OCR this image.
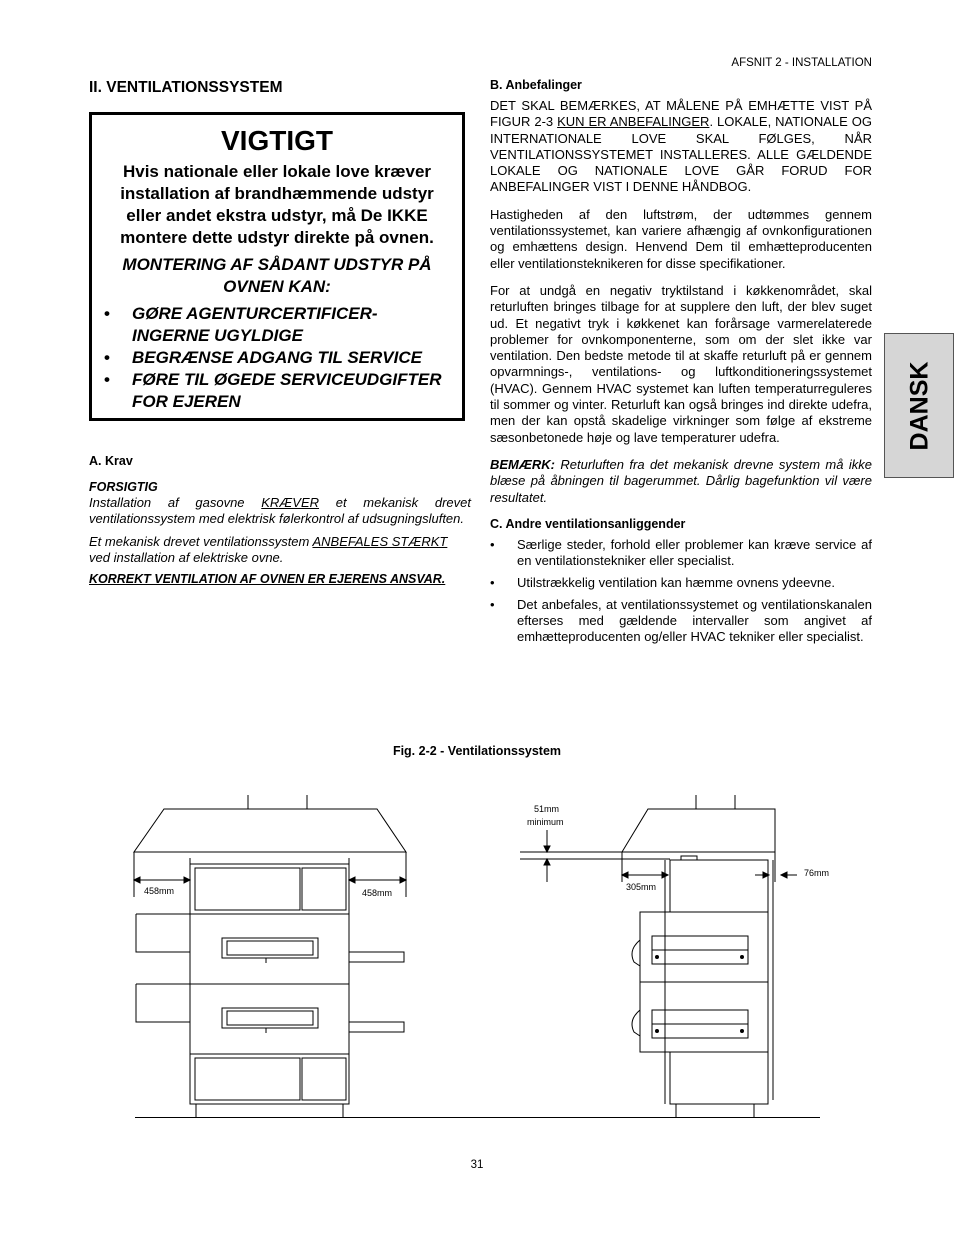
AFSNIT 2 - INSTALLATION
II. VENTILATIONSSYSTEM
VIGTIGT
Hvis nationale eller lokale love kræver installation af brandhæmmende udstyr eller andet ekstra udstyr, må De IKKE montere dette udstyr direkte på ovnen.
MONTERING AF SÅDANT UDSTYR PÅ OVNEN KAN:
• GØRE AGENTURCERTIFICER-INGERNE UGYLDIGE
• BEGRÆNSE ADGANG TIL SERVICE
• FØRE TIL ØGEDE SERVICEUDGIFTER FOR EJEREN
A. Krav
FORSIGTIG
Installation af gasovne KRÆVER et mekanisk drevet ventilationssystem med elektrisk følerkontrol af udsugningsluften.
Et mekanisk drevet ventilationssystem ANBEFALES STÆRKT ved installation af elektriske ovne.
KORREKT VENTILATION AF OVNEN ER EJERENS ANSVAR.
B. Anbefalinger
DET SKAL BEMÆRKES, AT MÅLENE PÅ EMHÆTTE VIST PÅ FIGUR 2-3 KUN ER ANBEFALINGER. LOKALE, NATIONALE OG INTERNATIONALE LOVE SKAL FØLGES, NÅR VENTILATIONSSYSTEMET INSTALLERES. ALLE GÆLDENDE LOKALE OG NATIONALE LOVE GÅR FORUD FOR ANBEFALINGER VIST I DENNE HÅNDBOG.
Hastigheden af den luftstrøm, der udtømmes gennem ventilationssystemet, kan variere afhængig af ovnkonfigurationen og emhættens design. Henvend Dem til emhætteproducenten eller ventilationsteknikeren for disse specifikationer.
For at undgå en negativ tryktilstand i køkkenområdet, skal returluften bringes tilbage for at supplere den luft, der blev suget ud. Et negativt tryk i køkkenet kan forårsage varmerelaterede problemer for ovnkomponenterne, som om der slet ikke var ventilation. Den bedste metode til at skaffe returluft på er gennem opvarmnings-, ventilations- og luftkonditioneringssystemet (HVAC). Gennem HVAC systemet kan luften temperaturreguleres til sommer og vinter. Returluft kan også bringes ind direkte udefra, men der kan opstå skadelige virkninger som følge af ekstreme sæsonbetonede høje og lave temperaturer udefra.
BEMÆRK: Returluften fra det mekanisk drevne system må ikke blæse på åbningen til bagerummet. Dårlig bagefunktion vil være resultatet.
C. Andre ventilationsanliggender
• Særlige steder, forhold eller problemer kan kræve service af en ventilationstekniker eller specialist.
• Utilstrækkelig ventilation kan hæmme ovnens ydeevne.
• Det anbefales, at ventilationssystemet og ventilationskanalen efterses med gældende intervaller som angivet af emhætteproducenten og/eller HVAC tekniker eller specialist.
DANSK
Fig. 2-2 - Ventilationssystem
458mm	458mm
51mm
minimum
305mm
76mm
31
